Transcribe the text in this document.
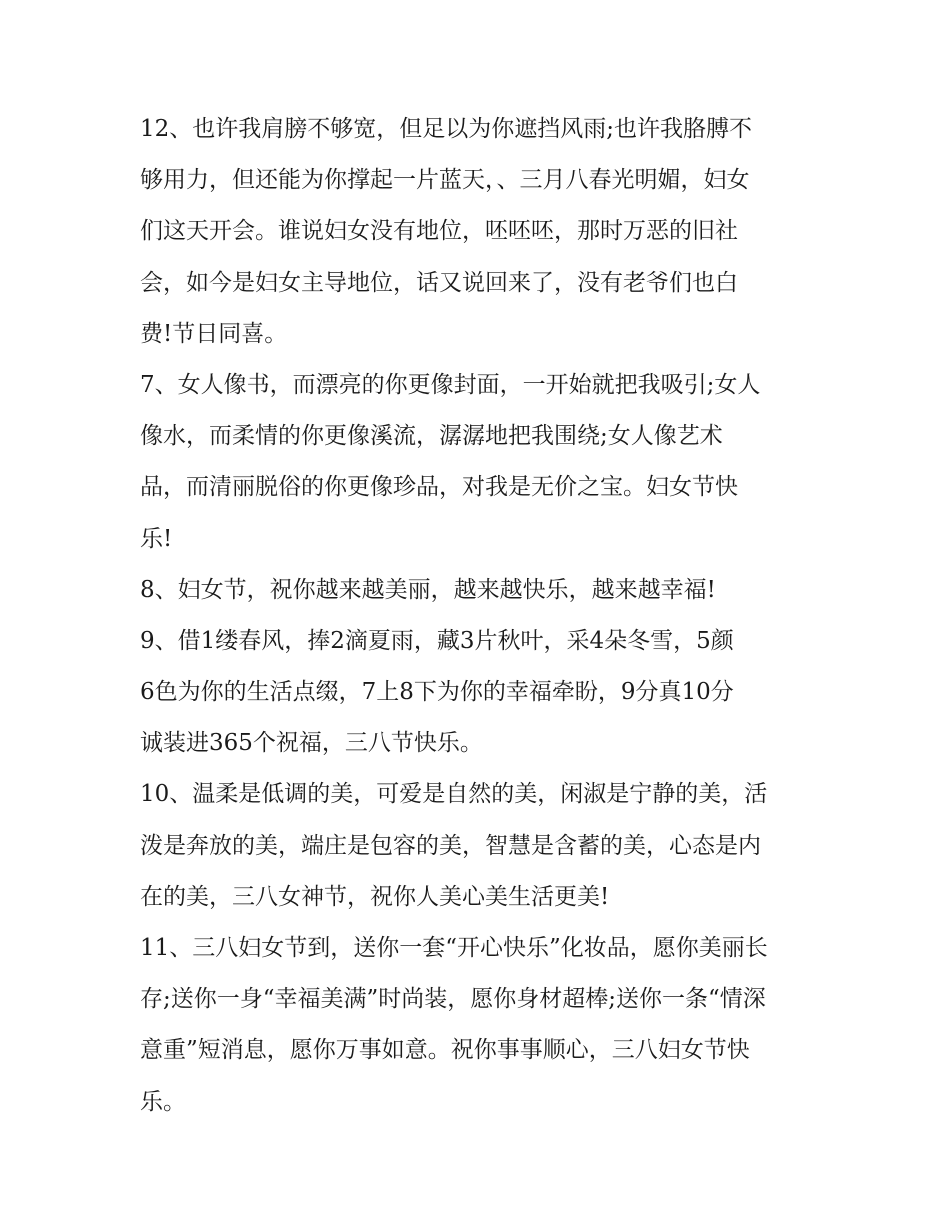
12、也许我肩膀不够宽，但足以为你遮挡风雨;也许我胳膊不
够用力，但还能为你撑起一片蓝天，、三月八春光明媚，妇女
们这天开会。谁说妇女没有地位，呸呸呸，那时万恶的旧社
会，如今是妇女主导地位，话又说回来了，没有老爷们也白
费!节日同喜。
7、女人像书，而漂亮的你更像封面，一开始就把我吸引;女人
像水，而柔情的你更像溪流，潺潺地把我围绕;女人像艺术
品，而清丽脱俗的你更像珍品，对我是无价之宝。妇女节快
乐!
8、妇女节，祝你越来越美丽，越来越快乐，越来越幸福!
9、借1缕春风，捧2滴夏雨，藏3片秋叶，采4朵冬雪，5颜
6色为你的生活点缀，7上8下为你的幸福牵盼，9分真10分
诚装进365个祝福，三八节快乐。
10、温柔是低调的美，可爱是自然的美，闲淑是宁静的美，活
泼是奔放的美，端庄是包容的美，智慧是含蓄的美，心态是内
在的美，三八女神节，祝你人美心美生活更美!
11、三八妇女节到，送你一套“开心快乐”化妆品，愿你美丽长
存;送你一身“幸福美满”时尚装，愿你身材超棒;送你一条“情深
意重”短消息，愿你万事如意。祝你事事顺心，三八妇女节快
乐。
